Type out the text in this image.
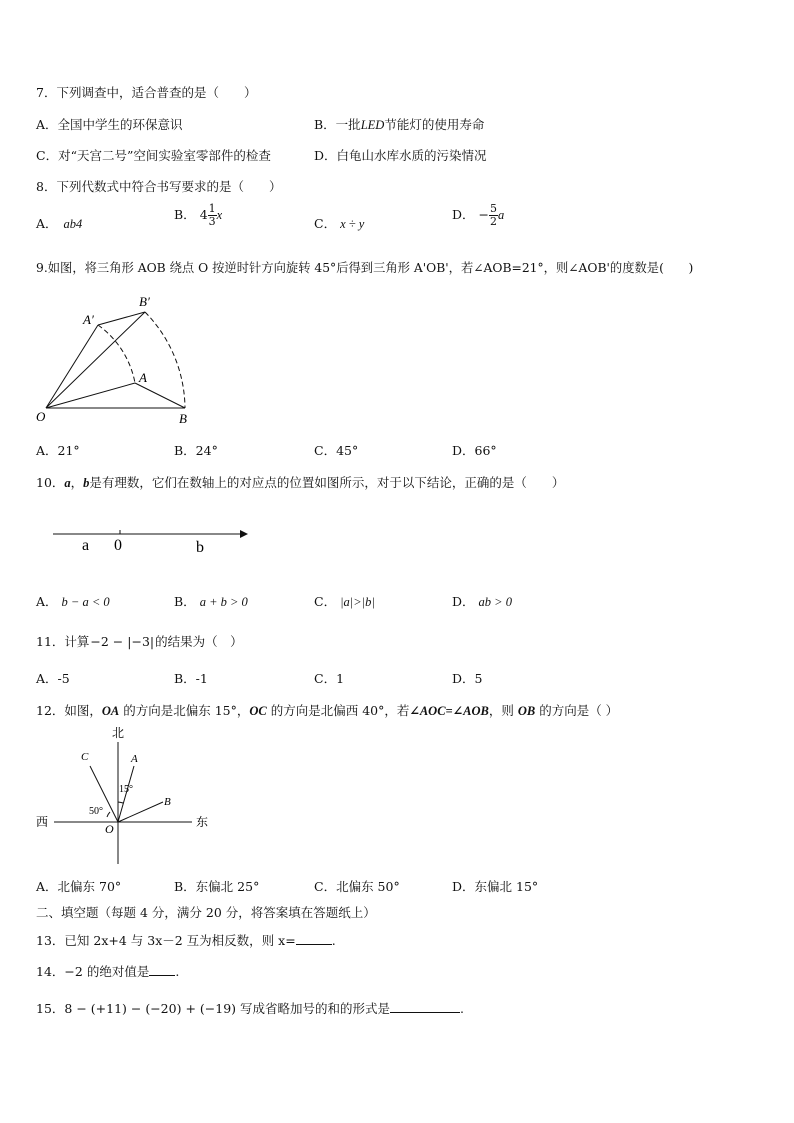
7．下列调查中，适合普查的是（　　）
A．全国中学生的环保意识	B．一批LED节能灯的使用寿命
C．对“天宫二号”空间实验室零部件的检查	D．白龟山水库水质的污染情况
8．下列代数式中符合书写要求的是（　　）
A． ab4
B． $4 \frac{1}{3}$ x
C． x ÷ y
D． − $\frac{5}{2}$ a
9.如图，将三角形 AOB 绕点 O 按逆时针方向旋转 45°后得到三角形 A'OB'，若∠AOB=21°，则∠AOB'的度数是(　　)
O
A
B
A′
B′
A．21°	B．24°	C．45°	D．66°
10．a，b是有理数，它们在数轴上的对应点的位置如图所示，对于以下结论，正确的是（　　）
a 0	b
A． b − a < 0	B． a + b > 0	C． |a|>|b|	D． ab > 0
11．计算−2 − |−3|的结果为（　）
A．-5	B．-1	C．1	D．5
12．如图，OA 的方向是北偏东 15°，OC 的方向是北偏西 40°，若∠AOC=∠AOB，则 OB 的方向是（ ）
北
西	东
O
A
B
C
15°
50°
A．北偏东 70°	B．东偏北 25°	C．北偏东 50°	D．东偏北 15°
二、填空题（每题 4 分，满分 20 分，将答案填在答题纸上）
13．已知 2x+4 与 3x－2 互为相反数，则 x=	.
14．−2 的绝对值是 .
15．8 − (+11) − (−20) + (−19) 写成省略加号的和的形式是	.
